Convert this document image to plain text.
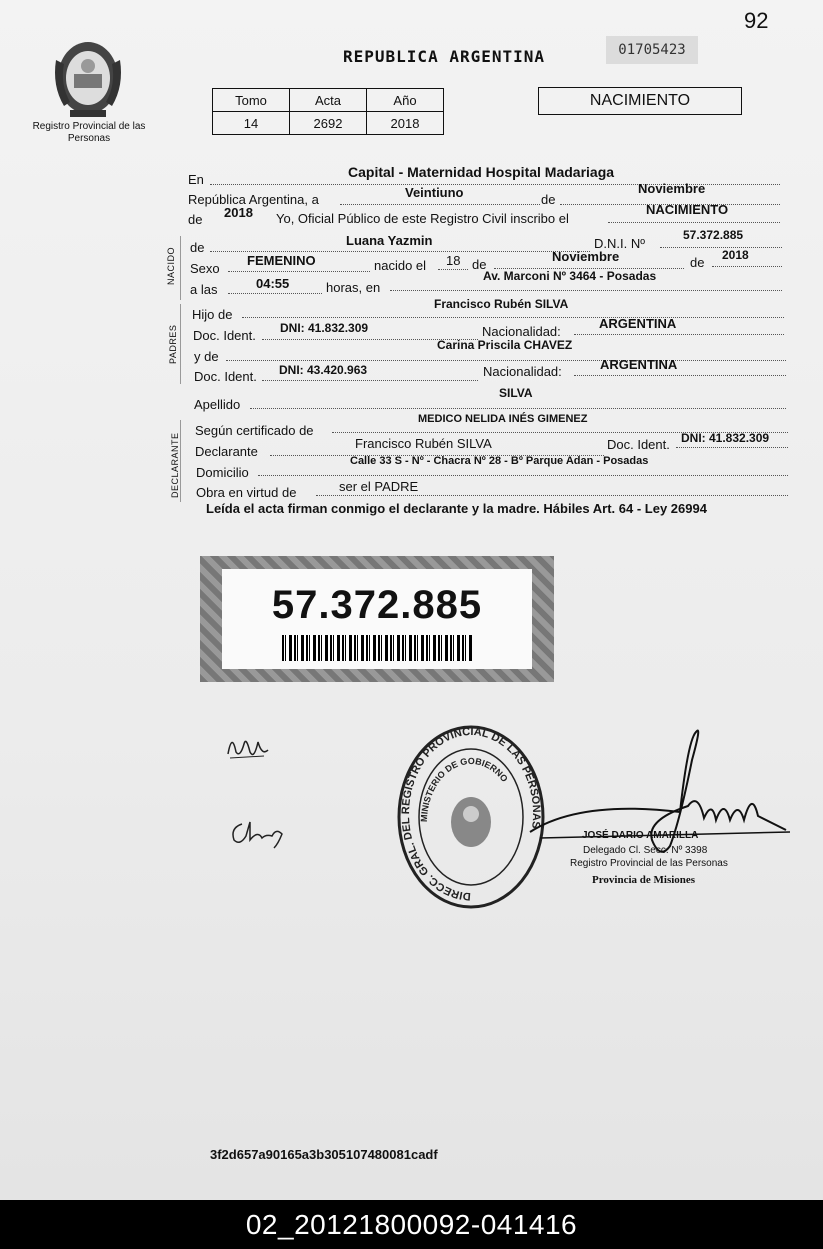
92
Registro Provincial de las Personas
REPUBLICA ARGENTINA	01705423
Tomo	Acta	Año
14	2692	2018
NACIMIENTO
En	Capital - Maternidad Hospital Madariaga
República Argentina, a	Veintiuno	de
Noviembre
de 2018 Yo, Oficial Público de este Registro Civil inscribo el
NACIMIENTO
NACIDO de	Luana Yazmin	D.N.I. Nº
57.372.885
Sexo
FEMENINO	nacido el 18 de
Noviembre	de 2018
a las	04:55	horas, en
Av. Marconi Nº 3464 - Posadas
PADRES
Hijo de
Francisco Rubén SILVA
Doc. Ident. DNI: 41.832.309	Nacionalidad:
ARGENTINA
y de
Carina Priscila CHAVEZ
Doc. Ident. DNI: 43.420.963	Nacionalidad:	ARGENTINA
Apellido
SILVA
DECLARANTE
Según certificado de
MEDICO NELIDA INÉS GIMENEZ
Declarante
Francisco Rubén SILVA	Doc. Ident. DNI: 41.832.309
Domicilio
Calle 33 S - Nº - Chacra Nº 28 - Bº Parque Adan - Posadas
Obra en virtud de	ser el PADRE
Leída el acta firman conmigo el declarante y la madre. Hábiles Art. 64 - Ley 26994
57.372.885
DIRECC. GRAL. DEL REGISTRO PROVINCIAL DE LAS PERSONAS
MINISTERIO DE GOBIERNO
JOSÉ DARIO AMARILLA
Delegado Cl. Secc. Nº 3398
Registro Provincial de las Personas
Provincia de Misiones
3f2d657a90165a3b305107480081cadf
02_20121800092-041416
